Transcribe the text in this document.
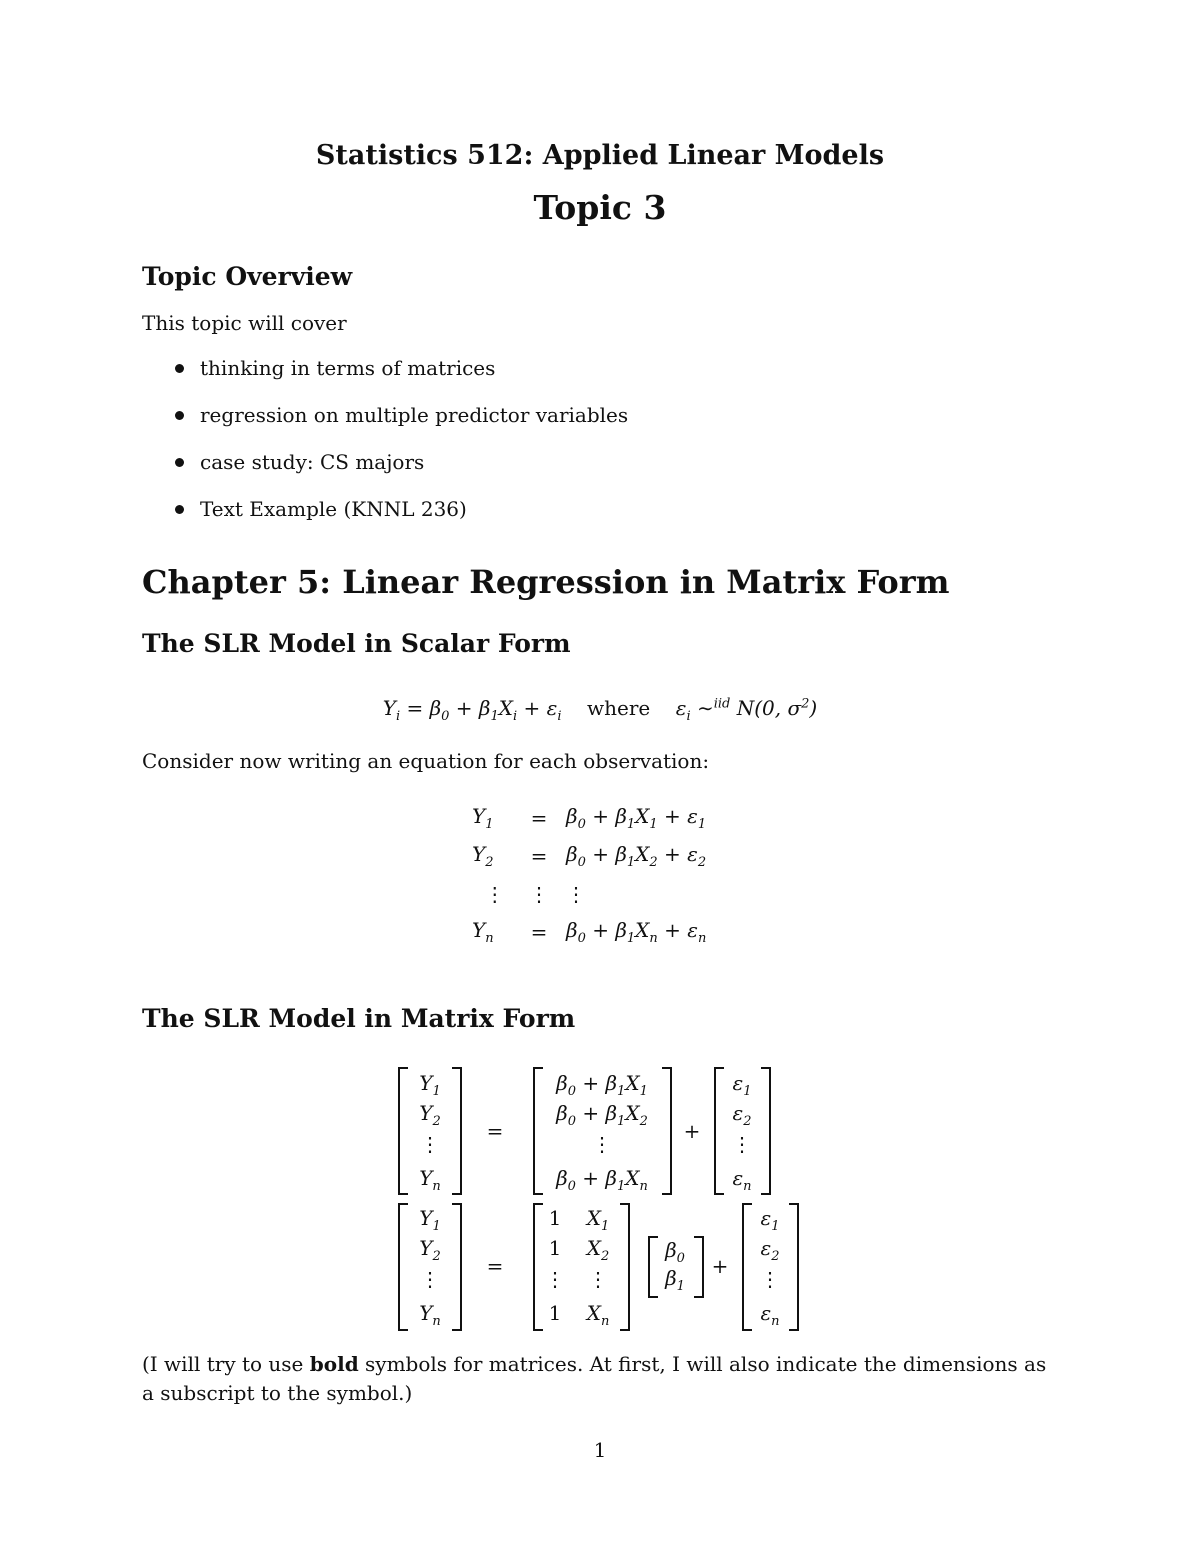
Statistics 512: Applied Linear Models
Topic 3
Topic Overview
This topic will cover
thinking in terms of matrices
regression on multiple predictor variables
case study: CS majors
Text Example (KNNL 236)
Chapter 5: Linear Regression in Matrix Form
The SLR Model in Scalar Form
$Y_i = \beta_0 + \beta_1X_i + \varepsilon_i$ where    $\varepsilon_i$ ∼$^{iid}$ N(0, $\sigma^2$)
Consider now writing an equation for each observation:
$Y_1$	=	$\beta_0 + \beta_1X_1 + \varepsilon_1$
$Y_2$	=	$\beta_0 + \beta_1X_2 + \varepsilon_2$
⋮	⋮	⋮
$Y_n$	=	$\beta_0 + \beta_1X_n + \varepsilon_n$
The SLR Model in Matrix Form
$Y_1$
$Y_2$
⋮
$Y_n$
=
$\beta_0 + \beta_1X_1$
$\beta_0 + \beta_1X_2$
⋮
$\beta_0 + \beta_1X_n$
+
$\varepsilon_1$
$\varepsilon_2$
⋮
$\varepsilon_n$
$Y_1$
$Y_2$
⋮
$Y_n$
=
1	$X_1$
1	$X_2$
⋮	⋮
1	$X_n$
$\beta_0$
$\beta_1$
+
$\varepsilon_1$
$\varepsilon_2$
⋮
$\varepsilon_n$
(I will try to use bold symbols for matrices. At first, I will also indicate the dimensions as a subscript to the symbol.)
1
